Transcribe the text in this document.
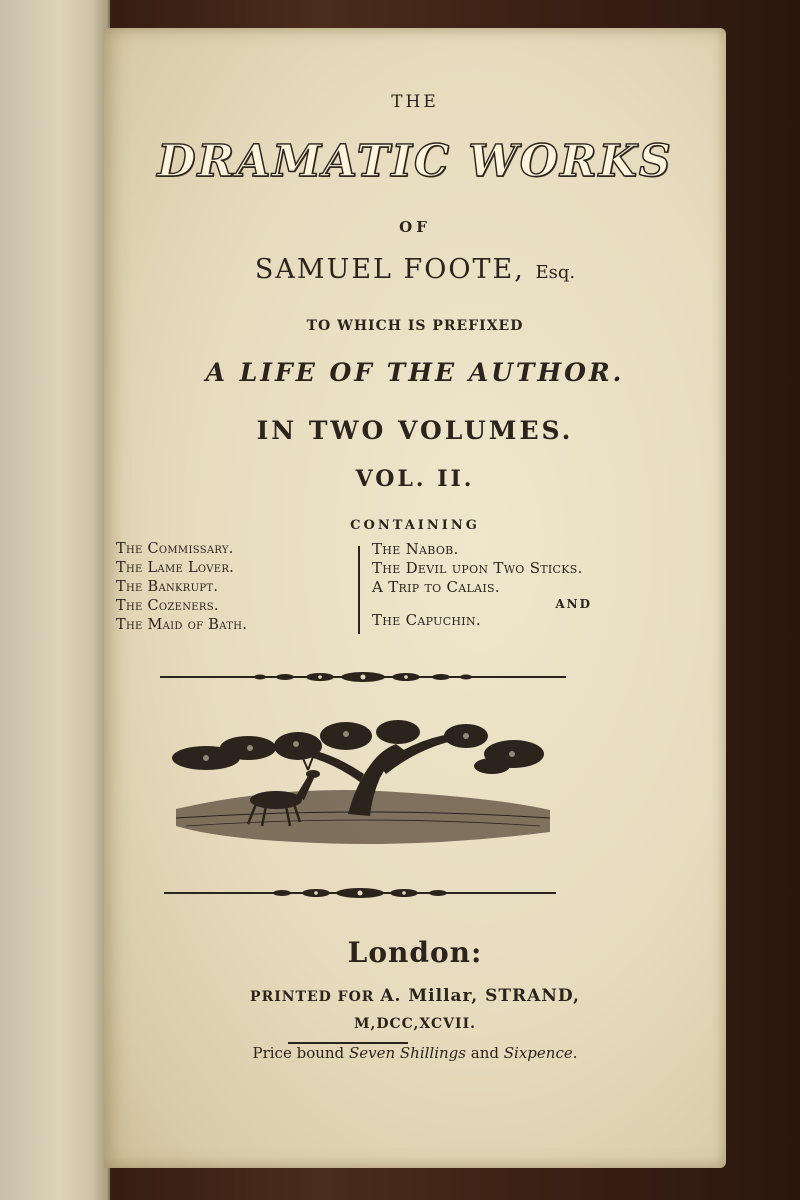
THE
DRAMATIC WORKS
OF
SAMUEL FOOTE, Esq.
TO WHICH IS PREFIXED
A LIFE OF THE AUTHOR.
IN TWO VOLUMES.
VOL. II.
CONTAINING
The Commissary.
The Lame Lover.
The Bankrupt.
The Cozeners.
The Maid of Bath.
The Nabob.
The Devil upon Two Sticks.
A Trip to Calais.
AND
The Capuchin.
London:
PRINTED FOR A. Millar, STRAND,
M,DCC,XCVII.
Price bound Seven Shillings and Sixpence.
